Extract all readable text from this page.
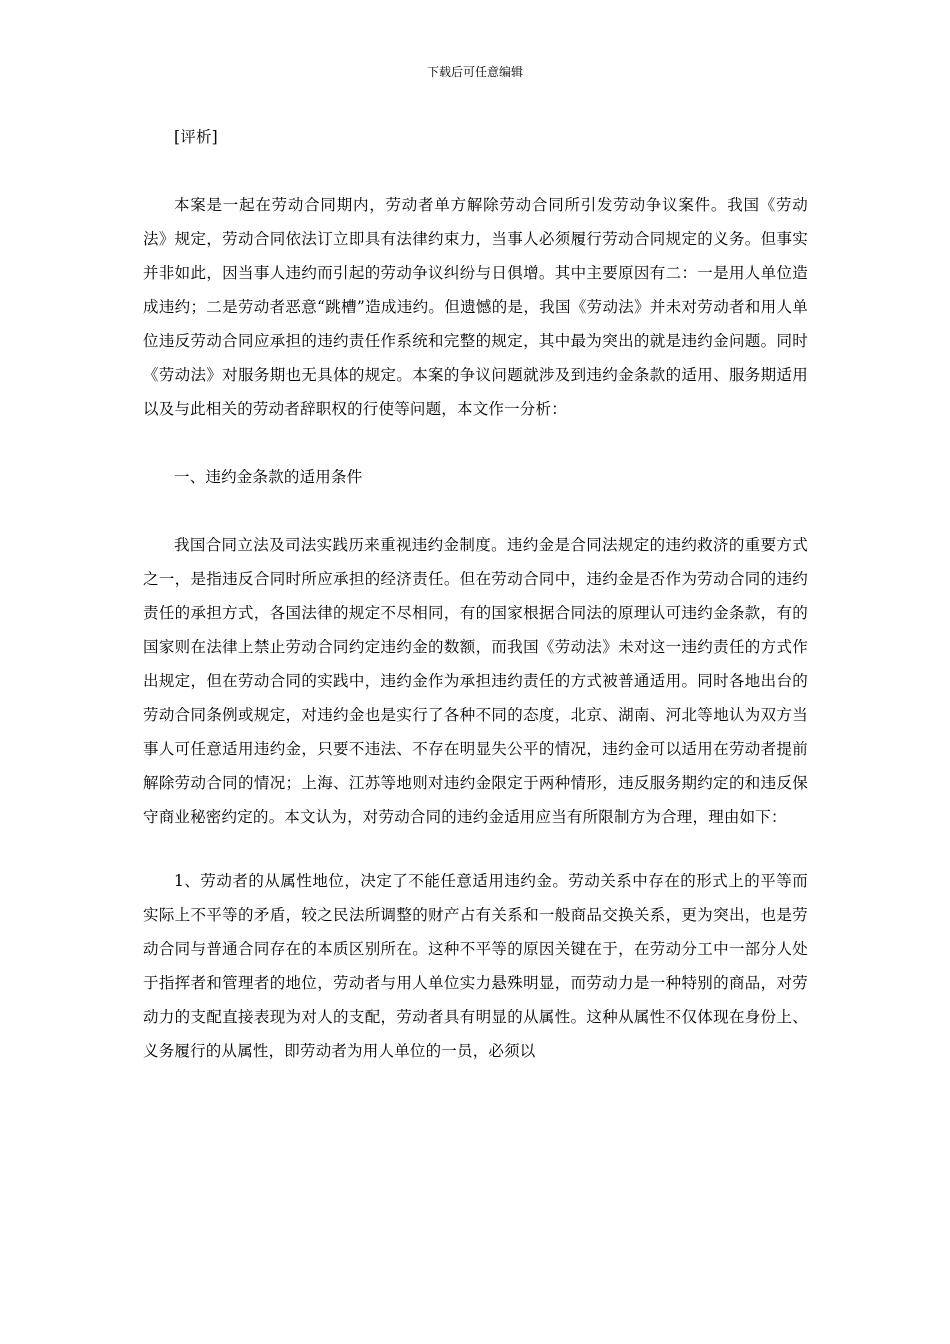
下载后可任意编辑

[评析]

本案是一起在劳动合同期内，劳动者单方解除劳动合同所引发劳动争议案件。我国《劳动法》规定，劳动合同依法订立即具有法律约束力，当事人必须履行劳动合同规定的义务。但事实并非如此，因当事人违约而引起的劳动争议纠纷与日俱增。其中主要原因有二：一是用人单位造成违约；二是劳动者恶意“跳槽”造成违约。但遗憾的是，我国《劳动法》并未对劳动者和用人单位违反劳动合同应承担的违约责任作系统和完整的规定，其中最为突出的就是违约金问题。同时《劳动法》对服务期也无具体的规定。本案的争议问题就涉及到违约金条款的适用、服务期适用以及与此相关的劳动者辞职权的行使等问题，本文作一分析：

一、违约金条款的适用条件

我国合同立法及司法实践历来重视违约金制度。违约金是合同法规定的违约救济的重要方式之一，是指违反合同时所应承担的经济责任。但在劳动合同中，违约金是否作为劳动合同的违约责任的承担方式，各国法律的规定不尽相同，有的国家根据合同法的原理认可违约金条款，有的国家则在法律上禁止劳动合同约定违约金的数额，而我国《劳动法》未对这一违约责任的方式作出规定，但在劳动合同的实践中，违约金作为承担违约责任的方式被普通适用。同时各地出台的劳动合同条例或规定，对违约金也是实行了各种不同的态度，北京、湖南、河北等地认为双方当事人可任意适用违约金，只要不违法、不存在明显失公平的情况，违约金可以适用在劳动者提前解除劳动合同的情况；上海、江苏等地则对违约金限定于两种情形，违反服务期约定的和违反保守商业秘密约定的。本文认为，对劳动合同的违约金适用应当有所限制方为合理，理由如下：

1、劳动者的从属性地位，决定了不能任意适用违约金。劳动关系中存在的形式上的平等而实际上不平等的矛盾，较之民法所调整的财产占有关系和一般商品交换关系，更为突出，也是劳动合同与普通合同存在的本质区别所在。这种不平等的原因关键在于，在劳动分工中一部分人处于指挥者和管理者的地位，劳动者与用人单位实力悬殊明显，而劳动力是一种特别的商品，对劳动力的支配直接表现为对人的支配，劳动者具有明显的从属性。这种从属性不仅体现在身份上、义务履行的从属性，即劳动者为用人单位的一员，必须以
